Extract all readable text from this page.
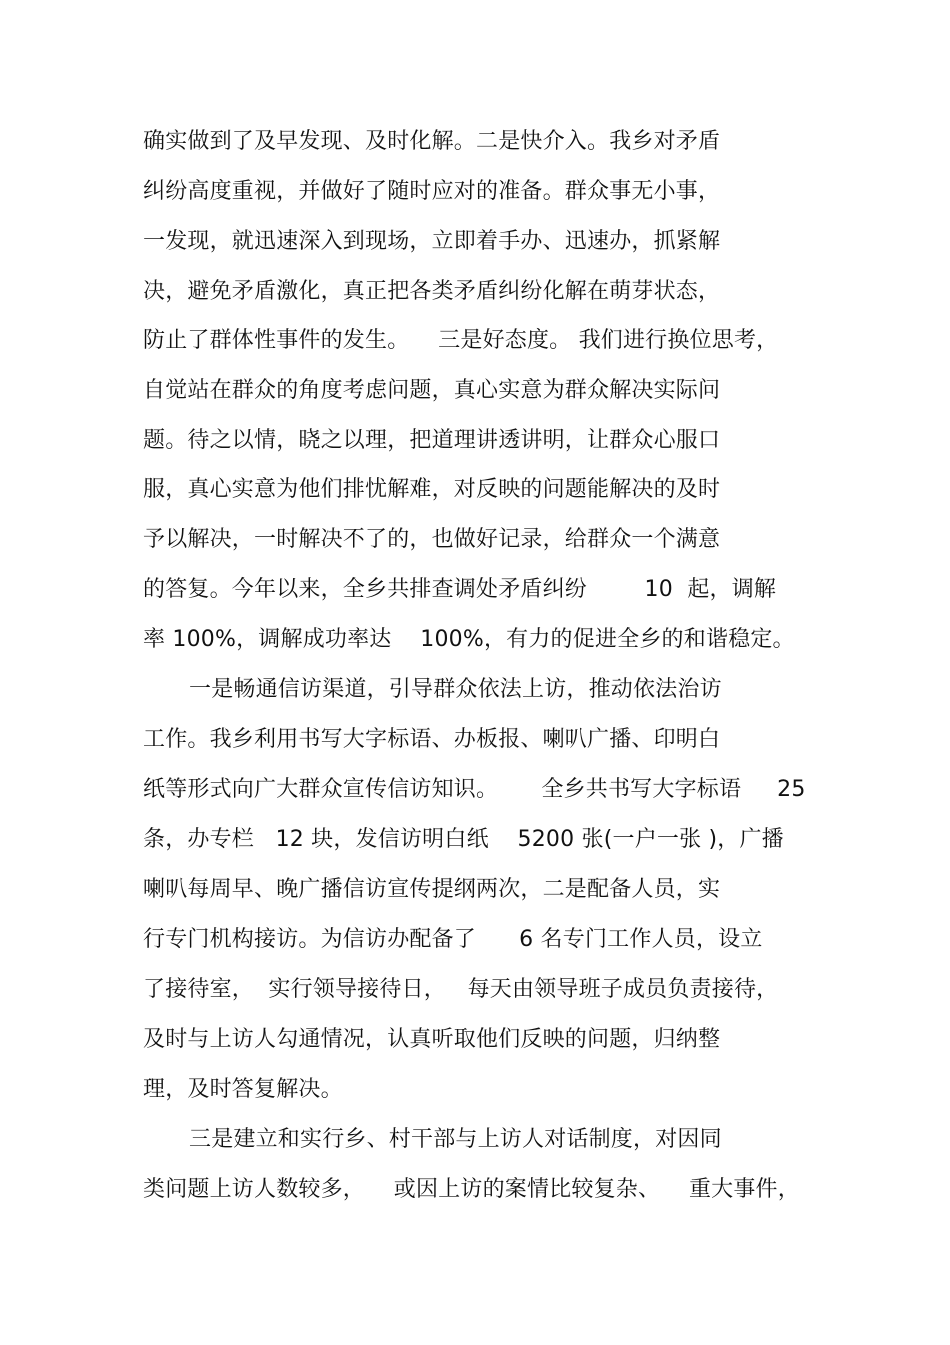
确实做到了及早发现、及时化解。二是快介入。我乡对矛盾
纠纷高度重视，并做好了随时应对的准备。群众事无小事，
一发现，就迅速深入到现场，立即着手办、迅速办，抓紧解
决，避免矛盾激化，真正把各类矛盾纠纷化解在萌芽状态，
防止了群体性事件的发生。    三是好态度。 我们进行换位思考，
自觉站在群众的角度考虑问题，真心实意为群众解决实际问
题。待之以情，晓之以理，把道理讲透讲明，让群众心服口
服，真心实意为他们排忧解难，对反映的问题能解决的及时
予以解决，一时解决不了的，也做好记录，给群众一个满意
的答复。今年以来，全乡共排查调处矛盾纠纷        10  起，调解
率 100%，调解成功率达    100%，有力的促进全乡的和谐稳定。
一是畅通信访渠道，引导群众依法上访，推动依法治访
工作。我乡利用书写大字标语、办板报、喇叭广播、印明白
纸等形式向广大群众宣传信访知识。      全乡共书写大字标语     25
条，办专栏   12 块，发信访明白纸    5200 张(一户一张 )，广播
喇叭每周早、晚广播信访宣传提纲两次，二是配备人员，实
行专门机构接访。为信访办配备了      6 名专门工作人员，设立
了接待室，  实行领导接待日，   每天由领导班子成员负责接待，
及时与上访人勾通情况，认真听取他们反映的问题，归纳整
理，及时答复解决。
三是建立和实行乡、村干部与上访人对话制度，对因同
类问题上访人数较多，    或因上访的案情比较复杂、    重大事件，
